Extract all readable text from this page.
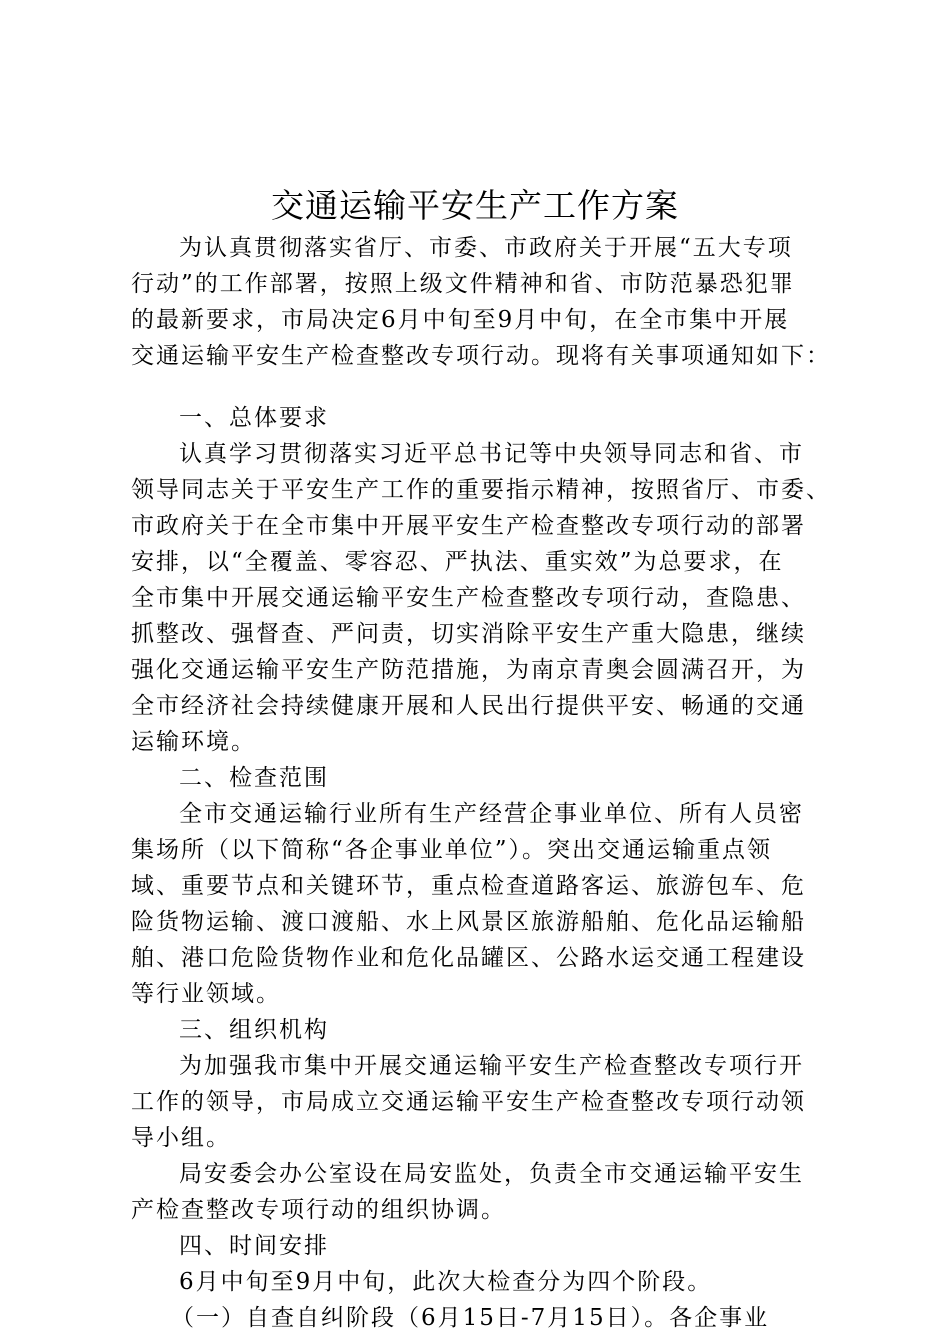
交通运输平安生产工作方案
为认真贯彻落实省厅、市委、市政府关于开展“五大专项
行动”的工作部署，按照上级文件精神和省、市防范暴恐犯罪
的最新要求，市局决定6月中旬至9月中旬，在全市集中开展
交通运输平安生产检查整改专项行动。现将有关事项通知如下：
一、总体要求
认真学习贯彻落实习近平总书记等中央领导同志和省、市
领导同志关于平安生产工作的重要指示精神，按照省厅、市委、
市政府关于在全市集中开展平安生产检查整改专项行动的部署
安排，以“全覆盖、零容忍、严执法、重实效”为总要求，在
全市集中开展交通运输平安生产检查整改专项行动，查隐患、
抓整改、强督查、严问责，切实消除平安生产重大隐患，继续
强化交通运输平安生产防范措施，为南京青奥会圆满召开，为
全市经济社会持续健康开展和人民出行提供平安、畅通的交通
运输环境。
二、检查范围
全市交通运输行业所有生产经营企事业单位、所有人员密
集场所（以下简称“各企事业单位”）。突出交通运输重点领
域、重要节点和关键环节，重点检查道路客运、旅游包车、危
险货物运输、渡口渡船、水上风景区旅游船舶、危化品运输船
舶、港口危险货物作业和危化品罐区、公路水运交通工程建设
等行业领域。
三、组织机构
为加强我市集中开展交通运输平安生产检查整改专项行开
工作的领导，市局成立交通运输平安生产检查整改专项行动领
导小组。
局安委会办公室设在局安监处，负责全市交通运输平安生
产检查整改专项行动的组织协调。
四、时间安排
6月中旬至9月中旬，此次大检查分为四个阶段。
（一）自查自纠阶段（6月15日-7月15日）。各企事业
